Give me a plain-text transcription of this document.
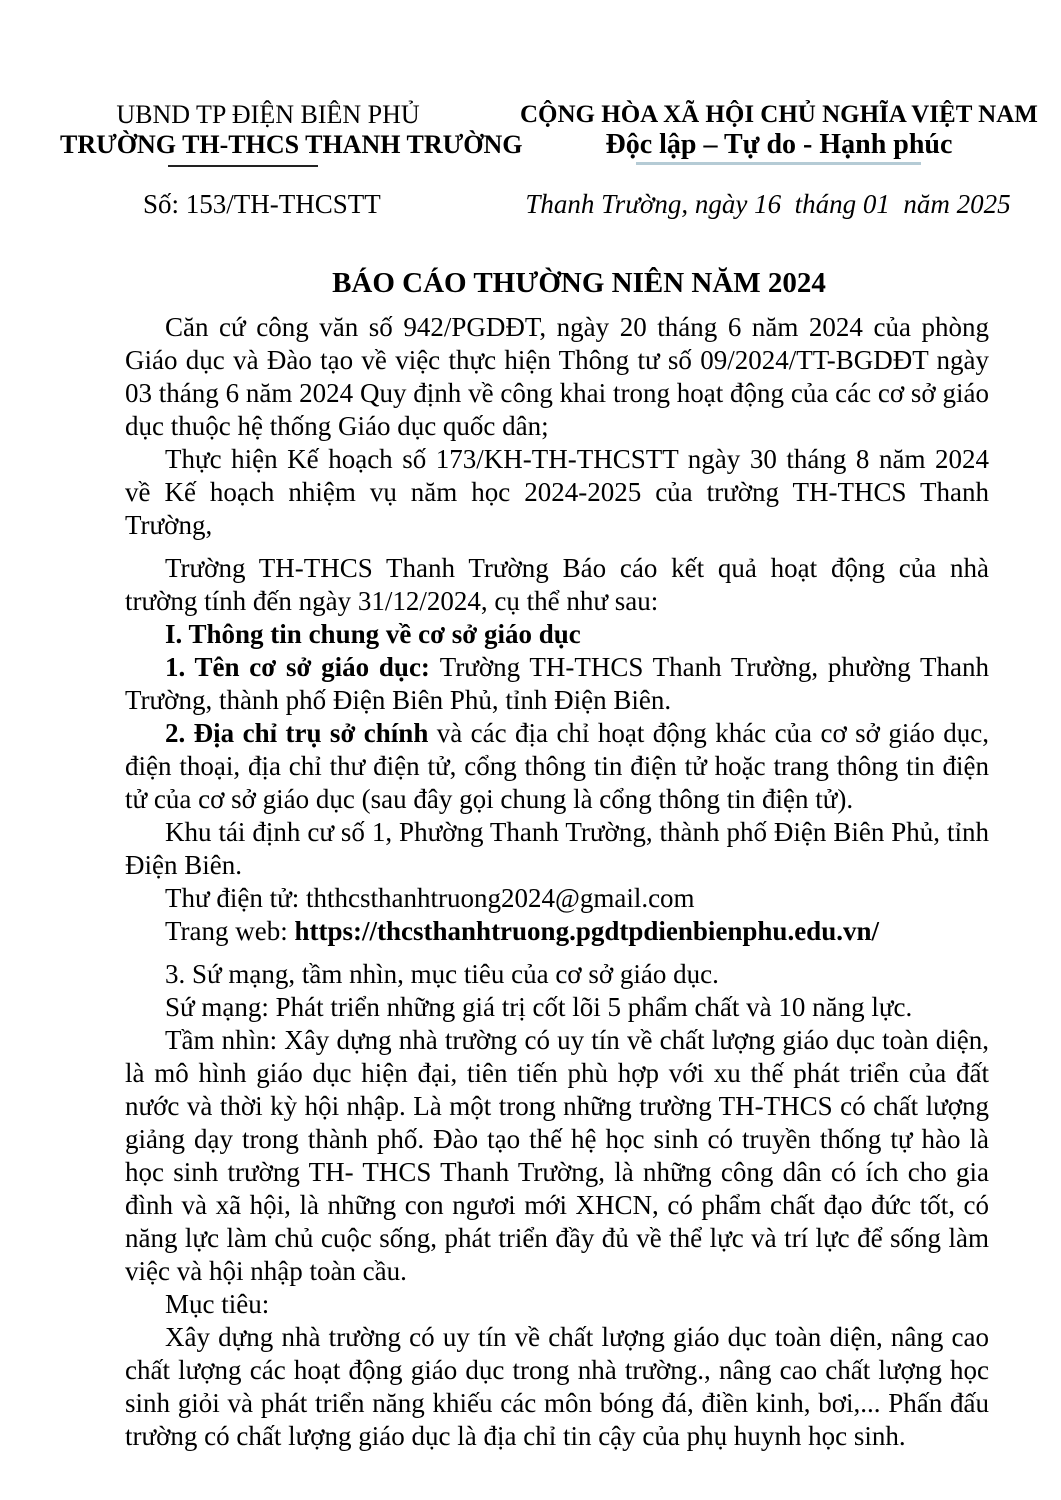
UBND TP ĐIỆN BIÊN PHỦ
TRƯỜNG TH-THCS THANH TRƯỜNG
CỘNG HÒA XÃ HỘI CHỦ NGHĨA VIỆT NAM
Độc lập – Tự do - Hạnh phúc
Số: 153/TH-THCSTT	Thanh Trường, ngày 16  tháng 01  năm 2025
BÁO CÁO THƯỜNG NIÊN NĂM 2024

Căn cứ công văn số 942/PGDĐT, ngày 20 tháng 6 năm 2024 của phòng Giáo dục và Đào tạo về việc thực hiện Thông tư số 09/2024/TT-BGDĐT ngày 03 tháng 6 năm 2024 Quy định về công khai trong hoạt động của các cơ sở giáo dục thuộc hệ thống Giáo dục quốc dân;

Thực hiện Kế hoạch số 173/KH-TH-THCSTT ngày 30 tháng 8 năm 2024 về Kế hoạch nhiệm vụ năm học 2024-2025 của trường TH-THCS Thanh Trường,

Trường TH-THCS Thanh Trường Báo cáo kết quả hoạt động của nhà trường tính đến ngày 31/12/2024, cụ thể như sau:

I. Thông tin chung về cơ sở giáo dục

1. Tên cơ sở giáo dục: Trường TH-THCS Thanh Trường, phường Thanh Trường, thành phố Điện Biên Phủ, tỉnh Điện Biên.

2. Địa chỉ trụ sở chính và các địa chỉ hoạt động khác của cơ sở giáo dục, điện thoại, địa chỉ thư điện tử, cổng thông tin điện tử hoặc trang thông tin điện tử của cơ sở giáo dục (sau đây gọi chung là cổng thông tin điện tử).

Khu tái định cư số 1, Phường Thanh Trường, thành phố Điện Biên Phủ, tỉnh Điện Biên.

Thư điện tử: ththcsthanhtruong2024@gmail.com

Trang web: https://thcsthanhtruong.pgdtpdienbienphu.edu.vn/

3. Sứ mạng, tầm nhìn, mục tiêu của cơ sở giáo dục.

Sứ mạng: Phát triển những giá trị cốt lõi 5 phẩm chất và 10 năng lực.

Tầm nhìn: Xây dựng nhà trường có uy tín về chất lượng giáo dục toàn diện, là mô hình giáo dục hiện đại, tiên tiến phù hợp với xu thế phát triển của đất nước và thời kỳ hội nhập. Là một trong những trường TH-THCS có chất lượng giảng dạy trong thành phố. Đào tạo thế hệ học sinh có truyền thống tự hào là học sinh trường TH- THCS Thanh Trường, là những công dân có ích cho gia đình và xã hội, là những con ngươi mới XHCN, có phẩm chất đạo đức tốt, có năng lực làm chủ cuộc sống, phát triển đầy đủ về thể lực và trí lực để sống làm việc và hội nhập toàn cầu.

Mục tiêu:

Xây dựng nhà trường có uy tín về chất lượng giáo dục toàn diện, nâng cao chất lượng các hoạt động giáo dục trong nhà trường., nâng cao chất lượng học sinh giỏi và phát triển năng khiếu các môn bóng đá, điền kinh, bơi,... Phấn đấu trường có chất lượng giáo dục là địa chỉ tin cậy của phụ huynh học sinh.
